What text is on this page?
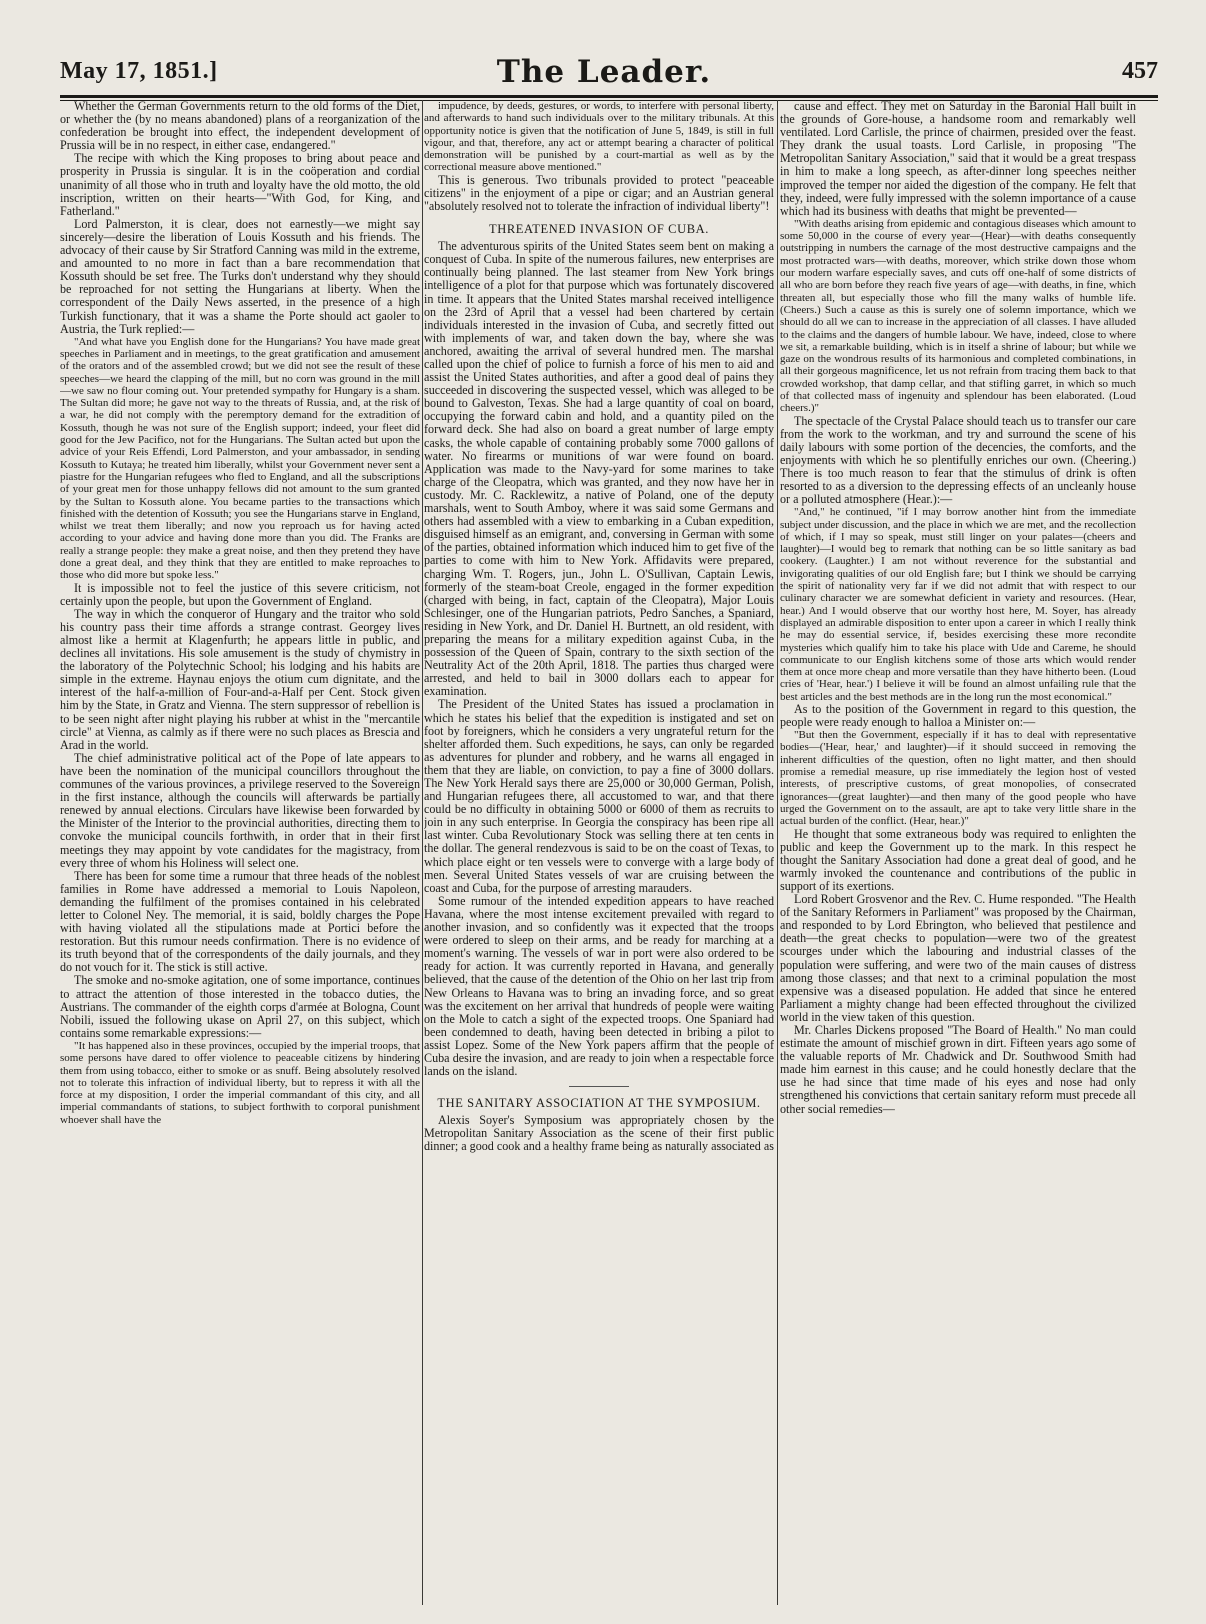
May 17, 1851.]	The Leader.	457

Whether the German Governments return to the old forms of the Diet, or whether the (by no means abandoned) plans of a reorganization of the confederation be brought into effect, the independent development of Prussia will be in no respect, in either case, endangered."

The recipe with which the King proposes to bring about peace and prosperity in Prussia is singular. It is in the coöperation and cordial unanimity of all those who in truth and loyalty have the old motto, the old inscription, written on their hearts—"With God, for King, and Fatherland."

Lord Palmerston, it is clear, does not earnestly—we might say sincerely—desire the liberation of Louis Kossuth and his friends. The advocacy of their cause by Sir Stratford Canning was mild in the extreme, and amounted to no more in fact than a bare recommendation that Kossuth should be set free. The Turks don't understand why they should be reproached for not setting the Hungarians at liberty. When the correspondent of the Daily News asserted, in the presence of a high Turkish functionary, that it was a shame the Porte should act gaoler to Austria, the Turk replied:—

"And what have you English done for the Hungarians? You have made great speeches in Parliament and in meetings, to the great gratification and amusement of the orators and of the assembled crowd; but we did not see the result of these speeches—we heard the clapping of the mill, but no corn was ground in the mill—we saw no flour coming out. Your pretended sympathy for Hungary is a sham. The Sultan did more; he gave not way to the threats of Russia, and, at the risk of a war, he did not comply with the peremptory demand for the extradition of Kossuth, though he was not sure of the English support; indeed, your fleet did good for the Jew Pacifico, not for the Hungarians. The Sultan acted but upon the advice of your Reis Effendi, Lord Palmerston, and your ambassador, in sending Kossuth to Kutaya; he treated him liberally, whilst your Government never sent a piastre for the Hungarian refugees who fled to England, and all the subscriptions of your great men for those unhappy fellows did not amount to the sum granted by the Sultan to Kossuth alone. You became parties to the transactions which finished with the detention of Kossuth; you see the Hungarians starve in England, whilst we treat them liberally; and now you reproach us for having acted according to your advice and having done more than you did. The Franks are really a strange people: they make a great noise, and then they pretend they have done a great deal, and they think that they are entitled to make reproaches to those who did more but spoke less."

It is impossible not to feel the justice of this severe criticism, not certainly upon the people, but upon the Government of England.

The way in which the conqueror of Hungary and the traitor who sold his country pass their time affords a strange contrast. Georgey lives almost like a hermit at Klagenfurth; he appears little in public, and declines all invitations. His sole amusement is the study of chymistry in the laboratory of the Polytechnic School; his lodging and his habits are simple in the extreme. Haynau enjoys the otium cum dignitate, and the interest of the half-a-million of Four-and-a-Half per Cent. Stock given him by the State, in Gratz and Vienna. The stern suppressor of rebellion is to be seen night after night playing his rubber at whist in the "mercantile circle" at Vienna, as calmly as if there were no such places as Brescia and Arad in the world.

The chief administrative political act of the Pope of late appears to have been the nomination of the municipal councillors throughout the communes of the various provinces, a privilege reserved to the Sovereign in the first instance, although the councils will afterwards be partially renewed by annual elections. Circulars have likewise been forwarded by the Minister of the Interior to the provincial authorities, directing them to convoke the municipal councils forthwith, in order that in their first meetings they may appoint by vote candidates for the magistracy, from every three of whom his Holiness will select one.

There has been for some time a rumour that three heads of the noblest families in Rome have addressed a memorial to Louis Napoleon, demanding the fulfilment of the promises contained in his celebrated letter to Colonel Ney. The memorial, it is said, boldly charges the Pope with having violated all the stipulations made at Portici before the restoration. But this rumour needs confirmation. There is no evidence of its truth beyond that of the correspondents of the daily journals, and they do not vouch for it. The stick is still active.

The smoke and no-smoke agitation, one of some importance, continues to attract the attention of those interested in the tobacco duties, the Austrians. The commander of the eighth corps d'armée at Bologna, Count Nobili, issued the following ukase on April 27, on this subject, which contains some remarkable expressions:—

"It has happened also in these provinces, occupied by the imperial troops, that some persons have dared to offer violence to peaceable citizens by hindering them from using tobacco, either to smoke or as snuff. Being absolutely resolved not to tolerate this infraction of individual liberty, but to repress it with all the force at my disposition, I order the imperial commandant of this city, and all imperial commandants of stations, to subject forthwith to corporal punishment whoever shall have the

impudence, by deeds, gestures, or words, to interfere with personal liberty, and afterwards to hand such individuals over to the military tribunals. At this opportunity notice is given that the notification of June 5, 1849, is still in full vigour, and that, therefore, any act or attempt bearing a character of political demonstration will be punished by a court-martial as well as by the correctional measure above mentioned."

This is generous. Two tribunals provided to protect "peaceable citizens" in the enjoyment of a pipe or cigar; and an Austrian general "absolutely resolved not to tolerate the infraction of individual liberty"!

THREATENED INVASION OF CUBA.

The adventurous spirits of the United States seem bent on making a conquest of Cuba. In spite of the numerous failures, new enterprises are continually being planned. The last steamer from New York brings intelligence of a plot for that purpose which was fortunately discovered in time. It appears that the United States marshal received intelligence on the 23rd of April that a vessel had been chartered by certain individuals interested in the invasion of Cuba, and secretly fitted out with implements of war, and taken down the bay, where she was anchored, awaiting the arrival of several hundred men. The marshal called upon the chief of police to furnish a force of his men to aid and assist the United States authorities, and after a good deal of pains they succeeded in discovering the suspected vessel, which was alleged to be bound to Galveston, Texas. She had a large quantity of coal on board, occupying the forward cabin and hold, and a quantity piled on the forward deck. She had also on board a great number of large empty casks, the whole capable of containing probably some 7000 gallons of water. No firearms or munitions of war were found on board. Application was made to the Navy-yard for some marines to take charge of the Cleopatra, which was granted, and they now have her in custody. Mr. C. Racklewitz, a native of Poland, one of the deputy marshals, went to South Amboy, where it was said some Germans and others had assembled with a view to embarking in a Cuban expedition, disguised himself as an emigrant, and, conversing in German with some of the parties, obtained information which induced him to get five of the parties to come with him to New York. Affidavits were prepared, charging Wm. T. Rogers, jun., John L. O'Sullivan, Captain Lewis, formerly of the steam-boat Creole, engaged in the former expedition (charged with being, in fact, captain of the Cleopatra), Major Louis Schlesinger, one of the Hungarian patriots, Pedro Sanches, a Spaniard, residing in New York, and Dr. Daniel H. Burtnett, an old resident, with preparing the means for a military expedition against Cuba, in the possession of the Queen of Spain, contrary to the sixth section of the Neutrality Act of the 20th April, 1818. The parties thus charged were arrested, and held to bail in 3000 dollars each to appear for examination.

The President of the United States has issued a proclamation in which he states his belief that the expedition is instigated and set on foot by foreigners, which he considers a very ungrateful return for the shelter afforded them. Such expeditions, he says, can only be regarded as adventures for plunder and robbery, and he warns all engaged in them that they are liable, on conviction, to pay a fine of 3000 dollars. The New York Herald says there are 25,000 or 30,000 German, Polish, and Hungarian refugees there, all accustomed to war, and that there could be no difficulty in obtaining 5000 or 6000 of them as recruits to join in any such enterprise. In Georgia the conspiracy has been ripe all last winter. Cuba Revolutionary Stock was selling there at ten cents in the dollar. The general rendezvous is said to be on the coast of Texas, to which place eight or ten vessels were to converge with a large body of men. Several United States vessels of war are cruising between the coast and Cuba, for the purpose of arresting marauders.

Some rumour of the intended expedition appears to have reached Havana, where the most intense excitement prevailed with regard to another invasion, and so confidently was it expected that the troops were ordered to sleep on their arms, and be ready for marching at a moment's warning. The vessels of war in port were also ordered to be ready for action. It was currently reported in Havana, and generally believed, that the cause of the detention of the Ohio on her last trip from New Orleans to Havana was to bring an invading force, and so great was the excitement on her arrival that hundreds of people were waiting on the Mole to catch a sight of the expected troops. One Spaniard had been condemned to death, having been detected in bribing a pilot to assist Lopez. Some of the New York papers affirm that the people of Cuba desire the invasion, and are ready to join when a respectable force lands on the island.

THE SANITARY ASSOCIATION AT THE SYMPOSIUM.

Alexis Soyer's Symposium was appropriately chosen by the Metropolitan Sanitary Association as the scene of their first public dinner; a good cook and a healthy frame being as naturally associated as

cause and effect. They met on Saturday in the Baronial Hall built in the grounds of Gore-house, a handsome room and remarkably well ventilated. Lord Carlisle, the prince of chairmen, presided over the feast. They drank the usual toasts. Lord Carlisle, in proposing "The Metropolitan Sanitary Association," said that it would be a great trespass in him to make a long speech, as after-dinner long speeches neither improved the temper nor aided the digestion of the company. He felt that they, indeed, were fully impressed with the solemn importance of a cause which had its business with deaths that might be prevented—

"With deaths arising from epidemic and contagious diseases which amount to some 50,000 in the course of every year—(Hear)—with deaths consequently outstripping in numbers the carnage of the most destructive campaigns and the most protracted wars—with deaths, moreover, which strike down those whom our modern warfare especially saves, and cuts off one-half of some districts of all who are born before they reach five years of age—with deaths, in fine, which threaten all, but especially those who fill the many walks of humble life. (Cheers.) Such a cause as this is surely one of solemn importance, which we should do all we can to increase in the appreciation of all classes. I have alluded to the claims and the dangers of humble labour. We have, indeed, close to where we sit, a remarkable building, which is in itself a shrine of labour; but while we gaze on the wondrous results of its harmonious and completed combinations, in all their gorgeous magnificence, let us not refrain from tracing them back to that crowded workshop, that damp cellar, and that stifling garret, in which so much of that collected mass of ingenuity and splendour has been elaborated. (Loud cheers.)"

The spectacle of the Crystal Palace should teach us to transfer our care from the work to the workman, and try and surround the scene of his daily labours with some portion of the decencies, the comforts, and the enjoyments with which he so plentifully enriches our own. (Cheering.) There is too much reason to fear that the stimulus of drink is often resorted to as a diversion to the depressing effects of an uncleanly house or a polluted atmosphere (Hear.):—

"And," he continued, "if I may borrow another hint from the immediate subject under discussion, and the place in which we are met, and the recollection of which, if I may so speak, must still linger on your palates—(cheers and laughter)—I would beg to remark that nothing can be so little sanitary as bad cookery. (Laughter.) I am not without reverence for the substantial and invigorating qualities of our old English fare; but I think we should be carrying the spirit of nationality very far if we did not admit that with respect to our culinary character we are somewhat deficient in variety and resources. (Hear, hear.) And I would observe that our worthy host here, M. Soyer, has already displayed an admirable disposition to enter upon a career in which I really think he may do essential service, if, besides exercising these more recondite mysteries which qualify him to take his place with Ude and Careme, he should communicate to our English kitchens some of those arts which would render them at once more cheap and more versatile than they have hitherto been. (Loud cries of 'Hear, hear.') I believe it will be found an almost unfailing rule that the best articles and the best methods are in the long run the most economical."

As to the position of the Government in regard to this question, the people were ready enough to halloa a Minister on:—

"But then the Government, especially if it has to deal with representative bodies—('Hear, hear,' and laughter)—if it should succeed in removing the inherent difficulties of the question, often no light matter, and then should promise a remedial measure, up rise immediately the legion host of vested interests, of prescriptive customs, of great monopolies, of consecrated ignorances—(great laughter)—and then many of the good people who have urged the Government on to the assault, are apt to take very little share in the actual burden of the conflict. (Hear, hear.)"

He thought that some extraneous body was required to enlighten the public and keep the Government up to the mark. In this respect he thought the Sanitary Association had done a great deal of good, and he warmly invoked the countenance and contributions of the public in support of its exertions.

Lord Robert Grosvenor and the Rev. C. Hume responded. "The Health of the Sanitary Reformers in Parliament" was proposed by the Chairman, and responded to by Lord Ebrington, who believed that pestilence and death—the great checks to population—were two of the greatest scourges under which the labouring and industrial classes of the population were suffering, and were two of the main causes of distress among those classes; and that next to a criminal population the most expensive was a diseased population. He added that since he entered Parliament a mighty change had been effected throughout the civilized world in the view taken of this question.

Mr. Charles Dickens proposed "The Board of Health." No man could estimate the amount of mischief grown in dirt. Fifteen years ago some of the valuable reports of Mr. Chadwick and Dr. Southwood Smith had made him earnest in this cause; and he could honestly declare that the use he had since that time made of his eyes and nose had only strengthened his convictions that certain sanitary reform must precede all other social remedies—
